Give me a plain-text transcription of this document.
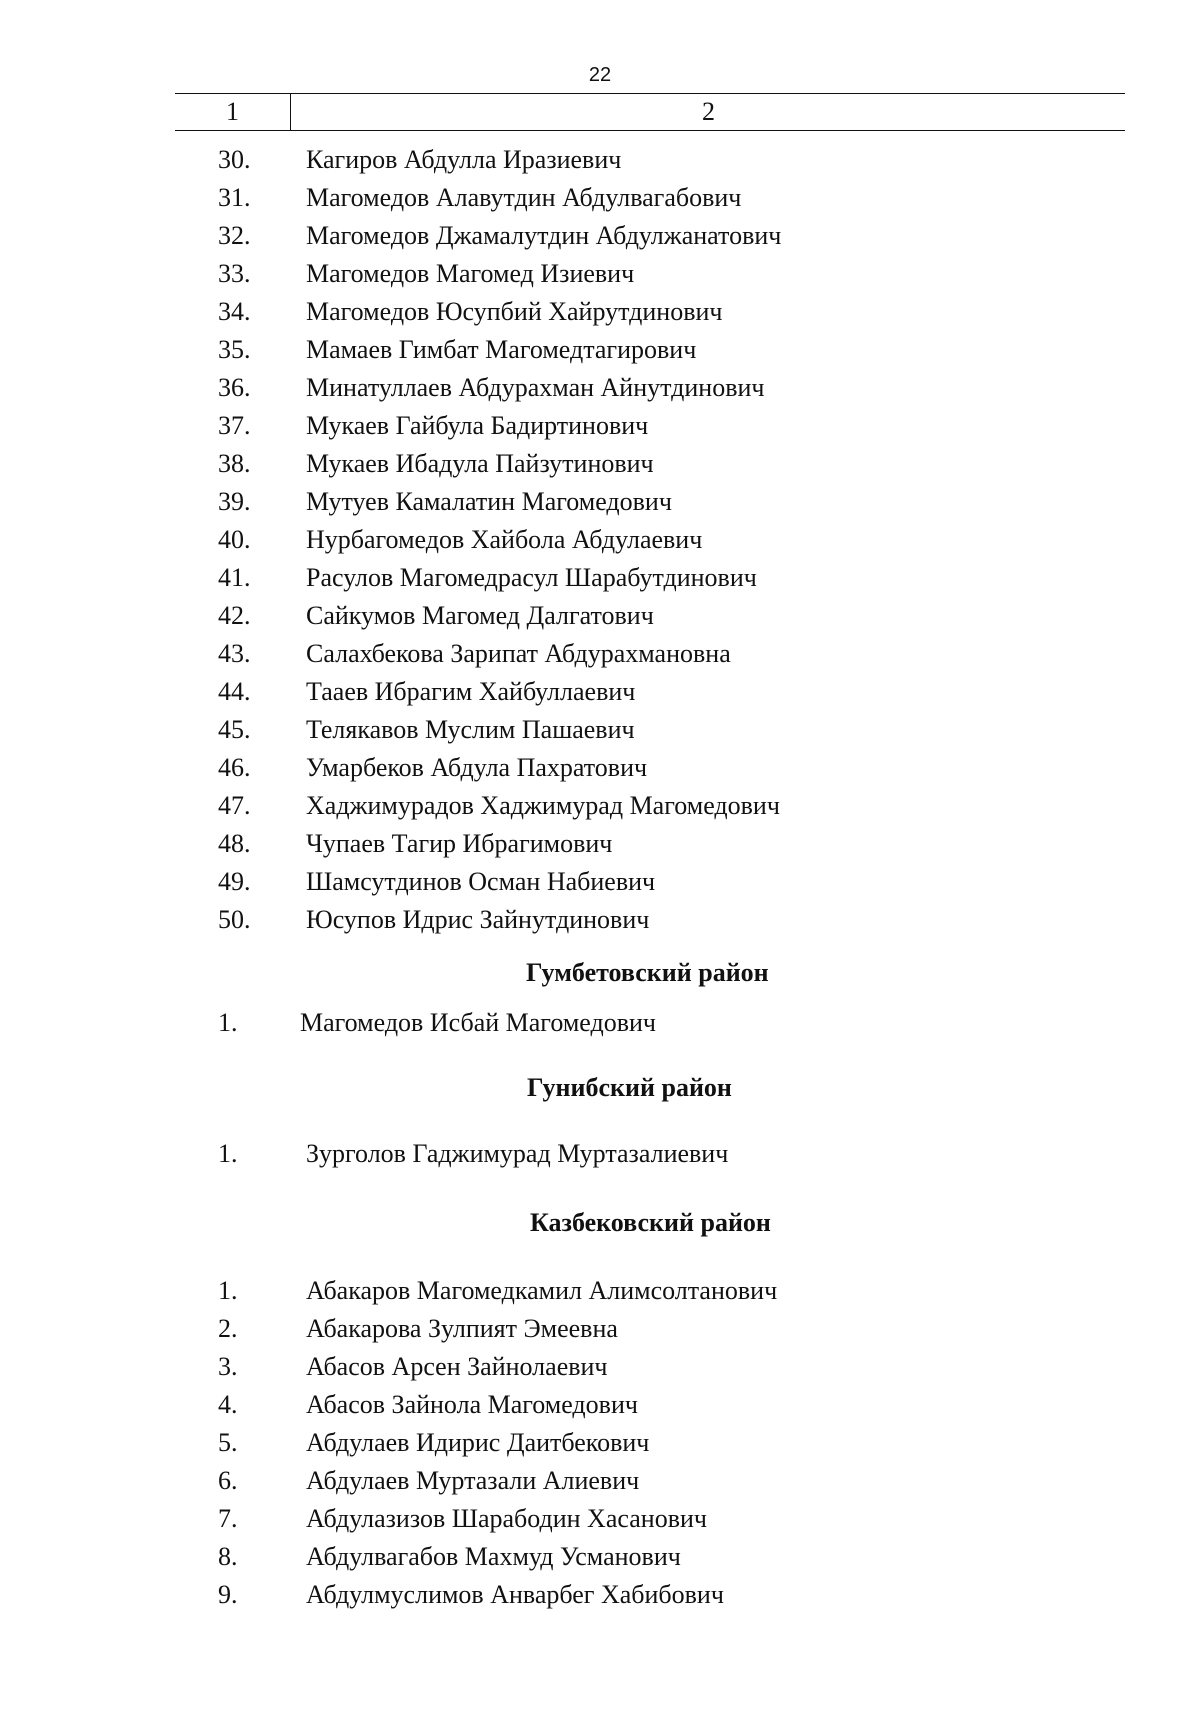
22
1	2
30. Кагиров Абдулла Иразиевич
31. Магомедов Алавутдин Абдулвагабович
32. Магомедов Джамалутдин Абдулжанатович
33. Магомедов Магомед Изиевич
34. Магомедов Юсупбий Хайрутдинович
35. Мамаев Гимбат Магомедтагирович
36. Минатуллаев Абдурахман Айнутдинович
37. Мукаев Гайбула Бадиртинович
38. Мукаев Ибадула Пайзутинович
39. Мутуев Камалатин Магомедович
40. Нурбагомедов Хайбола Абдулаевич
41. Расулов Магомедрасул Шарабутдинович
42. Сайкумов Магомед Далгатович
43. Салахбекова Зарипат Абдурахмановна
44. Тааев Ибрагим Хайбуллаевич
45. Телякавов Муслим Пашаевич
46. Умарбеков Абдула Пахратович
47. Хаджимурадов Хаджимурад Магомедович
48. Чупаев Тагир Ибрагимович
49. Шамсутдинов Осман Набиевич
50. Юсупов Идрис Зайнутдинович
Гумбетовский район
1. Магомедов Исбай Магомедович
Гунибский район
1.	Зурголов Гаджимурад Муртазалиевич
Казбековский район
1.	Абакаров Магомедкамил Алимсолтанович
2.	Абакарова Зулпият Эмеевна
3.	Абасов Арсен Зайнолаевич
4.	Абасов Зайнола Магомедович
5.	Абдулаев Идирис Даитбекович
6.	Абдулаев Муртазали Алиевич
7.	Абдулазизов Шарабодин Хасанович
8.	Абдулвагабов Махмуд Усманович
9.	Абдулмуслимов Анварбег Хабибович
